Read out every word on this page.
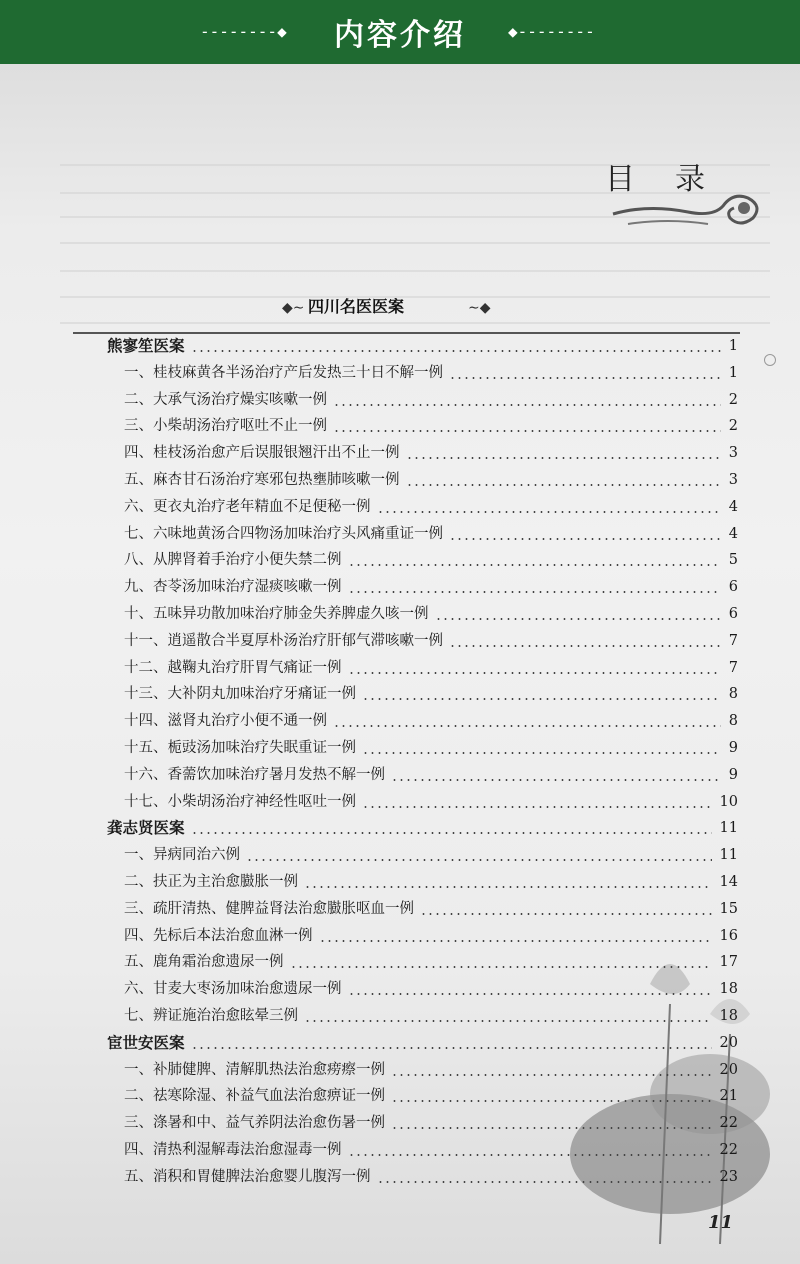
--------◆	内容介绍	◆--------
目录
◆∼ 四川名医医案	∼◆
熊寥笙医案	1
一、桂枝麻黄各半汤治疗产后发热三十日不解一例	1
二、大承气汤治疗燥实咳嗽一例	2
三、小柴胡汤治疗呕吐不止一例	2
四、桂枝汤治愈产后误服银翘汗出不止一例	3
五、麻杏甘石汤治疗寒邪包热壅肺咳嗽一例	3
六、更衣丸治疗老年精血不足便秘一例	4
七、六味地黄汤合四物汤加味治疗头风痛重证一例	4
八、从脾肾着手治疗小便失禁二例	5
九、杏苓汤加味治疗湿痰咳嗽一例	6
十、五味异功散加味治疗肺金失养脾虚久咳一例	6
十一、逍遥散合半夏厚朴汤治疗肝郁气滞咳嗽一例	7
十二、越鞠丸治疗肝胃气痛证一例	7
十三、大补阴丸加味治疗牙痛证一例	8
十四、滋肾丸治疗小便不通一例	8
十五、栀豉汤加味治疗失眠重证一例	9
十六、香薷饮加味治疗暑月发热不解一例	9
十七、小柴胡汤治疗神经性呕吐一例	10
龚志贤医案	11
一、异病同治六例	11
二、扶正为主治愈臌胀一例	14
三、疏肝清热、健脾益肾法治愈臌胀呕血一例	15
四、先标后本法治愈血淋一例	16
五、鹿角霜治愈遗尿一例	17
六、甘麦大枣汤加味治愈遗尿一例	18
七、辨证施治治愈眩晕三例	18
宦世安医案	20
一、补肺健脾、清解肌热法治愈痨瘵一例	20
二、祛寒除湿、补益气血法治愈痹证一例	21
三、涤暑和中、益气养阴法治愈伤暑一例	22
四、清热利湿解毒法治愈湿毒一例	22
五、消积和胃健脾法治愈婴儿腹泻一例	23
11
